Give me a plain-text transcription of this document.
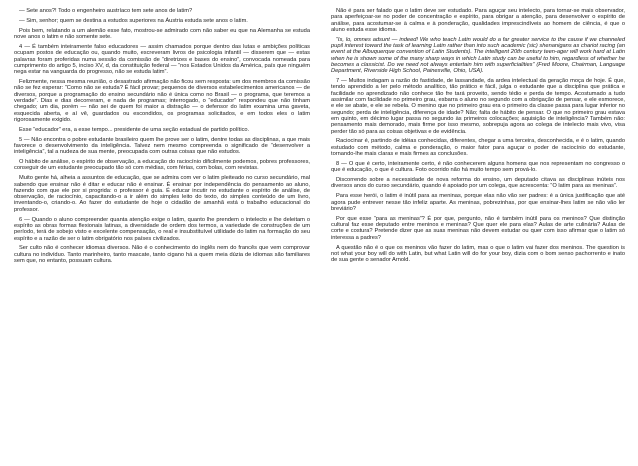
— Sete anos?! Todo o engenheiro austríaco tem sete anos de latim?

— Sim, senhor; quem se destina a estudos superiores na Áustria estuda sete anos o latim.

Pois bem, relatando a um alemão esse fato, mostrou-se admirado com não saber eu que na Alemanha se estuda nove anos o latim e não somente sete.

4 — É também inteiramente falso educadores — assim chamados porque dentro das lutas e ambições políticas ocupam postos de educação ou, quando muito, escreveram livros de psicologia infantil — disserem que — estas palavras foram proferidas numa sessão da comissão de “diretrizes e bases do ensino”, convocada nomeada para cumprimento do artigo 5, inciso XV, d, da constituição federal — “nos Estados Unidos da América, país que ninguém nega estar na vanguarda do progresso, não se estuda latim”.

Felizmente, nessa mesma reunião, o desastrado afirmação não ficou sem resposta: um dos membros da comissão não se fez esperar: “Como não se estuda? É fácil provar; pequenos de diversos estabelecimentos americanos — de diversos, porque a programação do ensino secundário não é única como no Brasil — o programa, que teremos a verdade”. Dias e dias decorreram, e nada de programas; interrogado, o “educador” respondeu que não tinham chegado; um dia, porém — não sei de quem foi maior a distração — o defensor do latim examina uma gaveta, esquecida aberta, e aí vê, guardados ou escondidos, os programas solicitados, e em todos eles o latim rigorosamente exigido.

Esse “educador” era, a esse tempo... presidente de uma seção estadual de partido político.

5 — Não encontra o pobre estudante brasileiro quem lhe prove ser o latim, dentre todas as disciplinas, a que mais favorece o desenvolvimento da inteligência. Talvez nem mesmo compreenda o significado de “desenvolver a inteligência”, tal a nudeza de sua mente, preocupada com outras coisas que não estudos.

O hábito de análise, o espírito de observação, a educação do raciocínio dificilmente podemos, pobres professores, conseguir de um estudante preocupado tão só com médias, com férias, com bolas, com revistas.

Muito gente há, alheia a assuntos de educação, que se admira com ver o latim pleiteado no curso secundário, mal sabendo que ensinar não é ditar e educar não é ensinar. É ensinar por independência do pensamento ao aluno, fazendo com que ele por si progrida: o professor é guia. É educar incutir no estudante o espírito de análise, de observação, de raciocínio, capacitando-o a ir além do simples leito do texto, do simples conteúdo de um livro, inventando-o, criando-o. Ao fazer do estudante de hoje o cidadão de amanhã está o trabalho educacional do professor.

6 — Quando o aluno compreender quanta atenção exige o latim, quanto lhe prendem o intelecto e lhe deleitam o espírito as obras formas flexionais latinas, a diversidade de ordem dos termos, a variedade de construções de um período, terá de sobejo visto e excelente compensação, o real e insubstituível utilidade do latim na formação do seu espírito e a razão de ser o latim obrigatório nos países civilizados.

Ser culto não é conhecer idiomas diversos. Não é o conhecimento do inglês nem do francês que vem comprovar cultura no indivíduo. Tanto marinheiro, tanto mascate, tanto cigano há a quem meia dúzia de idiomas são familiares sem que, no entanto, possuam cultura.

Não é para ser falado que o latim deve ser estudado. Para aguçar seu intelecto, para tornar-se mais observador, para aperfeiçoar-se no poder de concentração e espírito, para obrigar a atenção, para desenvolver o espírito de análise, para acostumar-se à calma e à ponderação, qualidades imprescindíveis ao homem de ciência, é que o aluno estuda esse idioma.

“Is, lo, omnes adsunt — indeed! We who teach Latin would do a far greater service to the cause if we channeled pupil interest toward the task of learning Latin rather than into such academic (sic) shenanigans as chariot racing (an event at the Albuquerque convention of Latin Students). The intelligent 20th century teen-ager will work hard at Latin when he is shown some of the many sharp ways in which Latin study can be useful to him, regardless of whether he becomes a classicist. Do we need not always entertain him with superficialities” (Fred Moore, Chairman, Language Department, Riverside High School, Painesville, Ohio, USA).

7 — Muitos indagam a razão do fastidade, de lassandade, da ardea intelectual da geração moça de hoje. É que, tendo aprendido a ler pelo método analítico, tão prático e fácil, julga o estudante que a disciplina que prática e facilidade no aprendizado não conhece tão fre tará proveito, sendo tédio e perda de tempo. Acostumado a tudo assimilar com facilidade no primeiro grau, esbarra o aluno no segundo com a obrigação de pensar, e ele esmorece, e ele se abate, e ele se rebela. O menino que no primeiro grau era o primeiro da classe passa para lugar inferior no segundo; perda de inteligência, diferença de idade? Não; falta de hábito de pensar. O que no primeiro grau estava em quinto, em décimo lugar passa no segundo às primeiros colocações; aquisição de inteligência? Também não: pensamento mais demorado, mais firme por isso mesmo, sobrepuja agora ao colega de intelecto mais vivo, visa perder tão só para as coisas objetivas e de evidência.

Raciocinar é, partindo de idéias conhecidas, diferentes, chegar a uma terceira, desconhecida, e é o latim, quando estudado com método, calma e ponderação, o maior fator para aguçar o poder de raciocínio do estudante, tornando-lhe mais claras e mais firmes as conclusões.

8 — O que é certo, inteiramente certo, é não conhecerem alguns homens que nos representam no congresso o que é educação, o que é cultura. Foto ocorrido não há muito tempo sem prová-lo.

Discorrendo sobre a necessidade de nova reforma do ensino, um deputado citava as disciplinas inúteis nos diversos anos do curso secundário, quando é apoiado por um colega, que acrescenta: “O latim para as meninas”.

Para esse herói, o latim é inútil para as meninas, porque elas não vão ser padres: é a única justificação que até agora pude entrever nesse tão infeliz aparte. As meninas, pobrezinhas, por que ensinar-lhes latim se não vão ler breviário?

Por que esse “para as meninas”? É por que, pergunto, não é também inútil para os meninos? Que distinção cultural faz esse deputado entre meninos e meninas? Que quer ele para elas? Aulas de arte culinária? Aulas de corte e costura? Pretende dizer que as suas meninas não devem estudar ou quer com isso afirmar que o latim só interessa a padres?

A questão não é o que os meninos vão fazer do latim, mas o que o latim vai fazer dos meninos. The question is not what your boy will do with Latin, but what Latin will do for your boy, dizia com o bom senso pachorrento e inato de sua gente o senador Arnold.
